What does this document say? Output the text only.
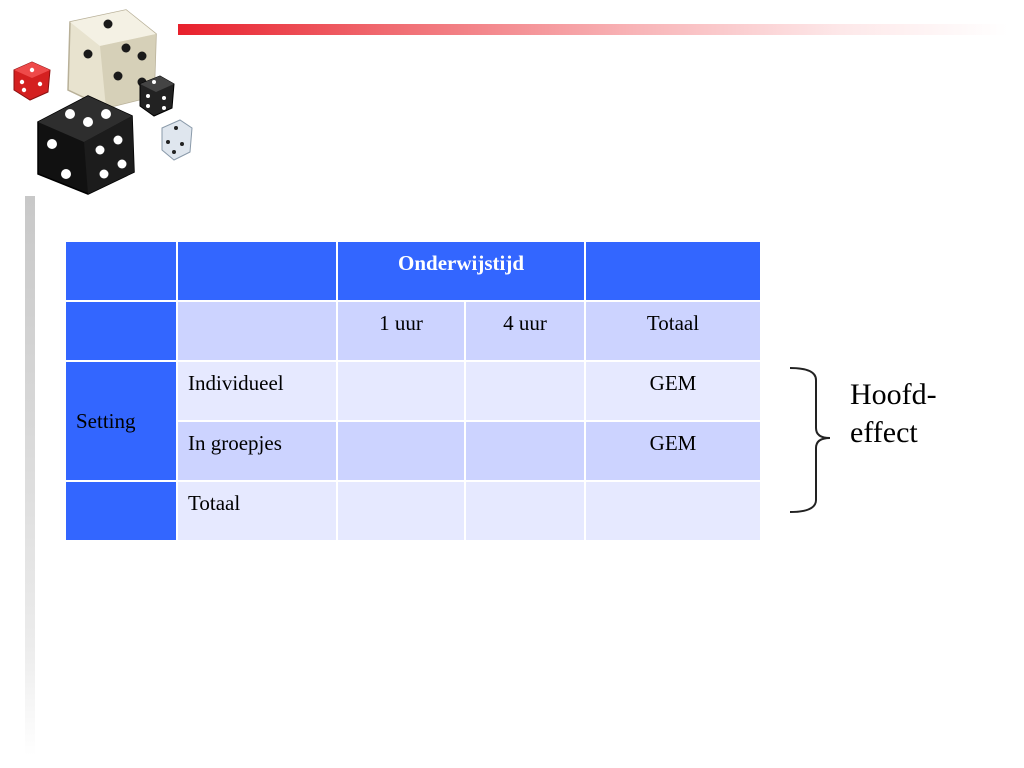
		Onderwijstijd		

		1 uur	4 uur	Totaal

Setting	Individueel			GEM

	In groepjes			GEM

	Totaal			

Hoofd-
effect
